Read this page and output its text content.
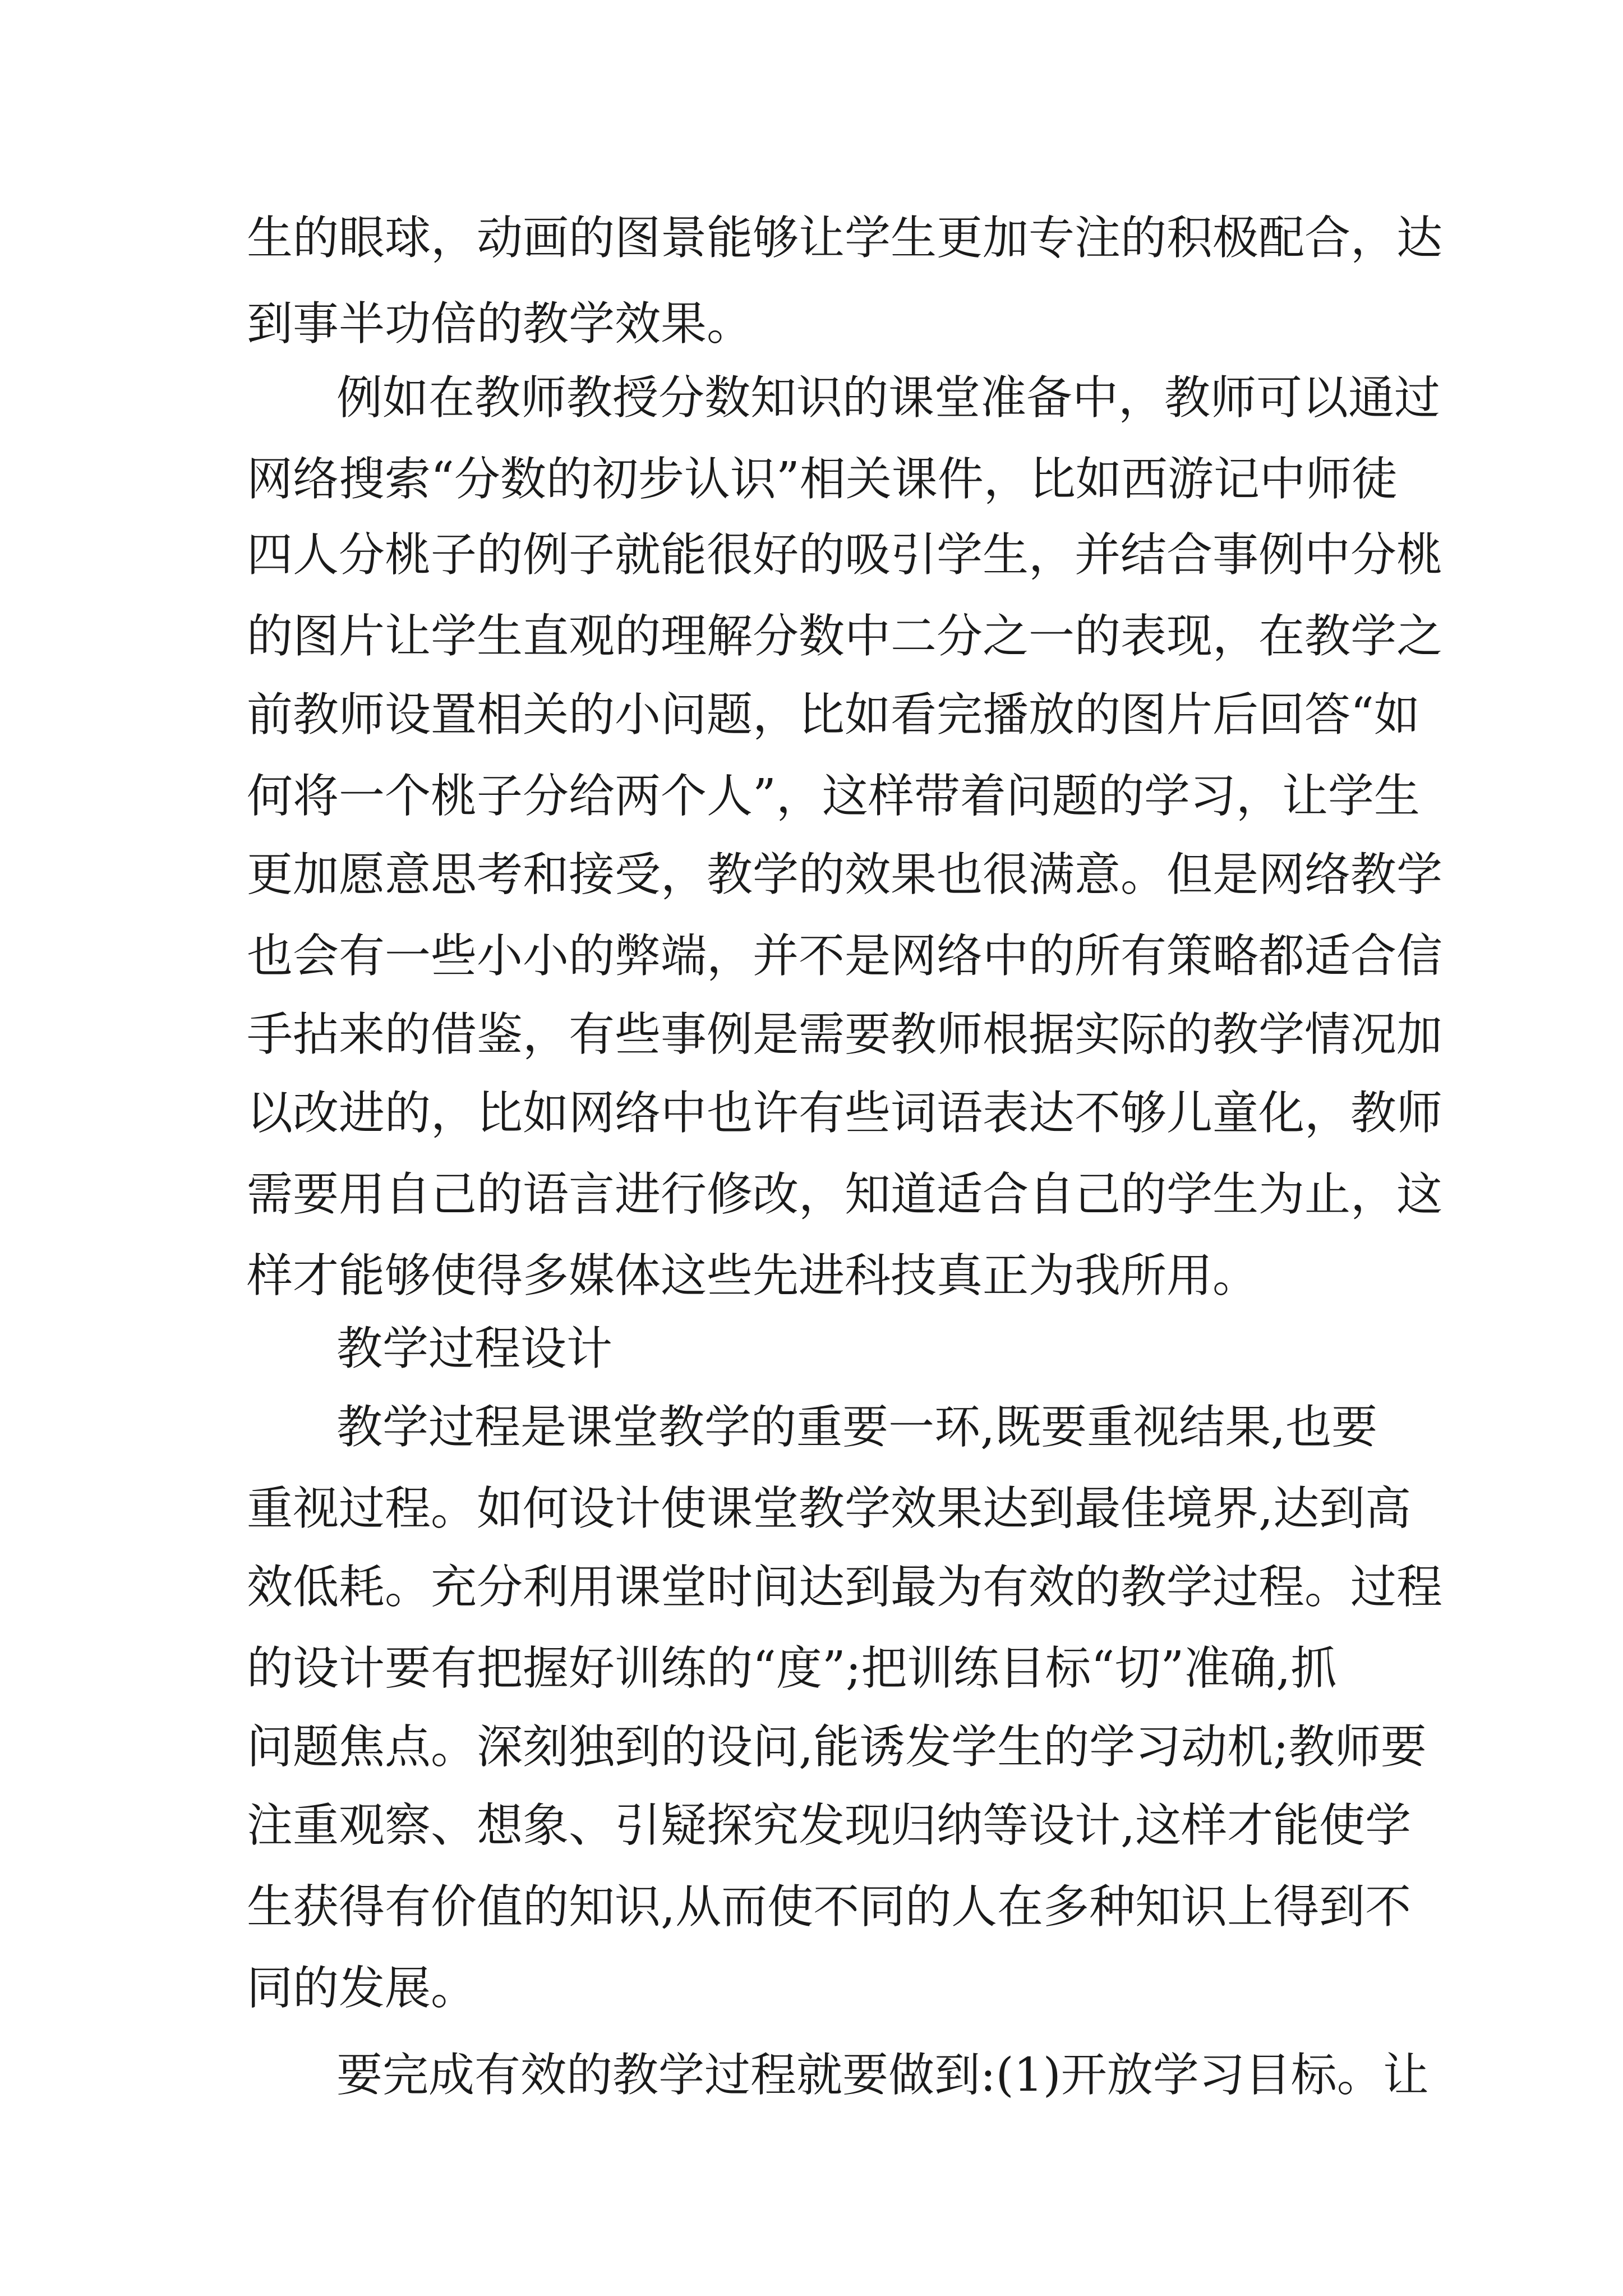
生的眼球，动画的图景能够让学生更加专注的积极配合，达
到事半功倍的教学效果。
例如在教师教授分数知识的课堂准备中，教师可以通过
网络搜索“分数的初步认识”相关课件，比如西游记中师徒
四人分桃子的例子就能很好的吸引学生，并结合事例中分桃
的图片让学生直观的理解分数中二分之一的表现，在教学之
前教师设置相关的小问题，比如看完播放的图片后回答“如
何将一个桃子分给两个人”，这样带着问题的学习，让学生
更加愿意思考和接受，教学的效果也很满意。但是网络教学
也会有一些小小的弊端，并不是网络中的所有策略都适合信
手拈来的借鉴，有些事例是需要教师根据实际的教学情况加
以改进的，比如网络中也许有些词语表达不够儿童化，教师
需要用自己的语言进行修改，知道适合自己的学生为止，这
样才能够使得多媒体这些先进科技真正为我所用。
教学过程设计
教学过程是课堂教学的重要一环,既要重视结果,也要
重视过程。如何设计使课堂教学效果达到最佳境界,达到高
效低耗。充分利用课堂时间达到最为有效的教学过程。过程
的设计要有把握好训练的“度”;把训练目标“切”准确,抓
问题焦点。深刻独到的设问,能诱发学生的学习动机;教师要
注重观察、想象、引疑探究发现归纳等设计,这样才能使学
生获得有价值的知识,从而使不同的人在多种知识上得到不
同的发展。
要完成有效的教学过程就要做到:(1)开放学习目标。让
